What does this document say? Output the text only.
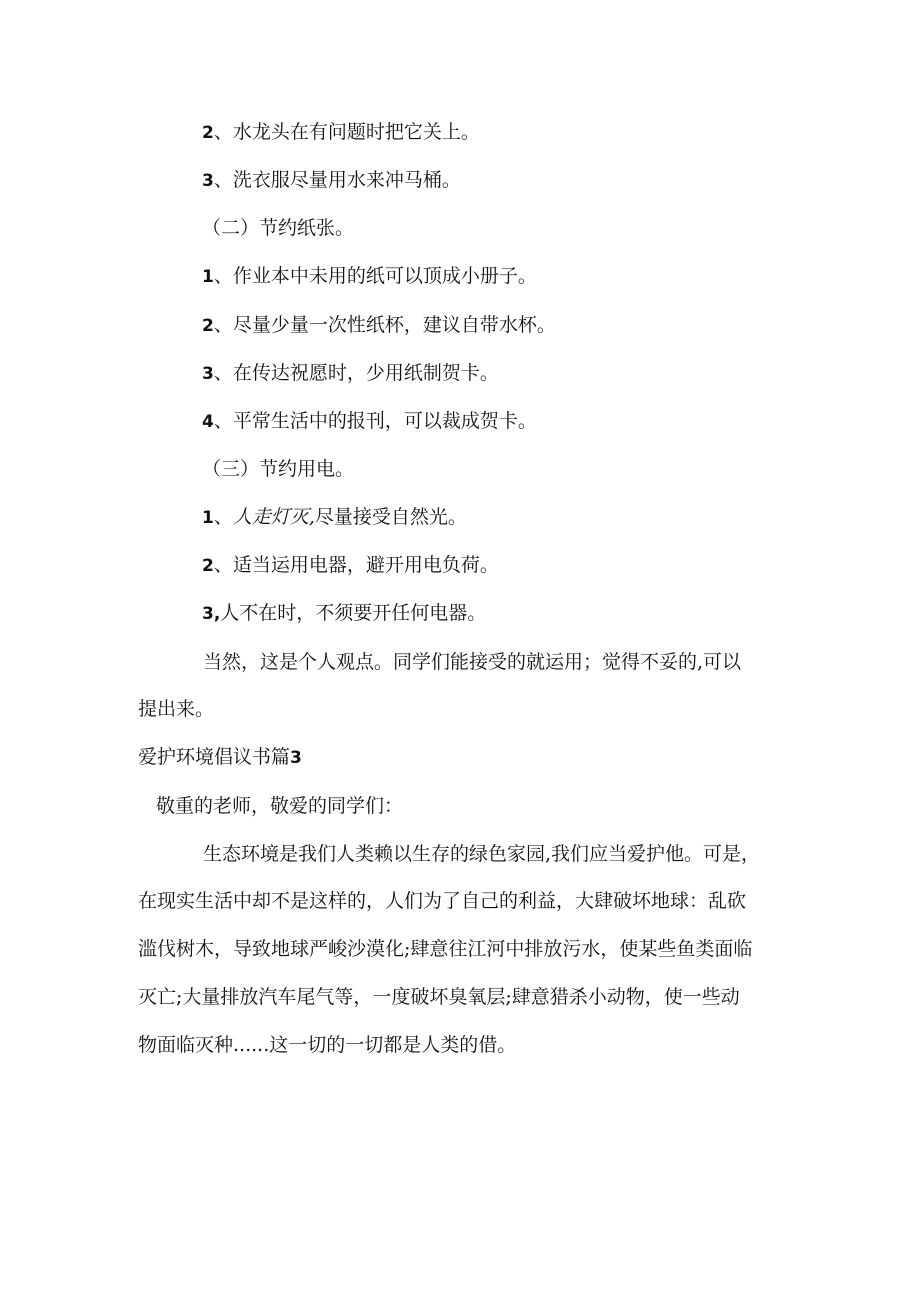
2、水龙头在有问题时把它关上。
3、洗衣服尽量用水来冲马桶。
（二）节约纸张。
1、作业本中未用的纸可以顶成小册子。
2、尽量少量一次性纸杯，建议自带水杯。
3、在传达祝愿时，少用纸制贺卡。
4、平常生活中的报刊，可以裁成贺卡。
（三）节约用电。
1、人走灯灭,尽量接受自然光。
2、适当运用电器，避开用电负荷。
3,人不在时，不须要开任何电器。
当然，这是个人观点。同学们能接受的就运用；觉得不妥的,可以
提出来。
爱护环境倡议书篇3
敬重的老师，敬爱的同学们：
生态环境是我们人类赖以生存的绿色家园,我们应当爱护他。可是，
在现实生活中却不是这样的，人们为了自己的利益，大肆破坏地球：乱砍
滥伐树木，导致地球严峻沙漠化;肆意往江河中排放污水，使某些鱼类面临
灭亡;大量排放汽车尾气等，一度破坏臭氧层;肆意猎杀小动物，使一些动
物面临灭种......这一切的一切都是人类的借。
